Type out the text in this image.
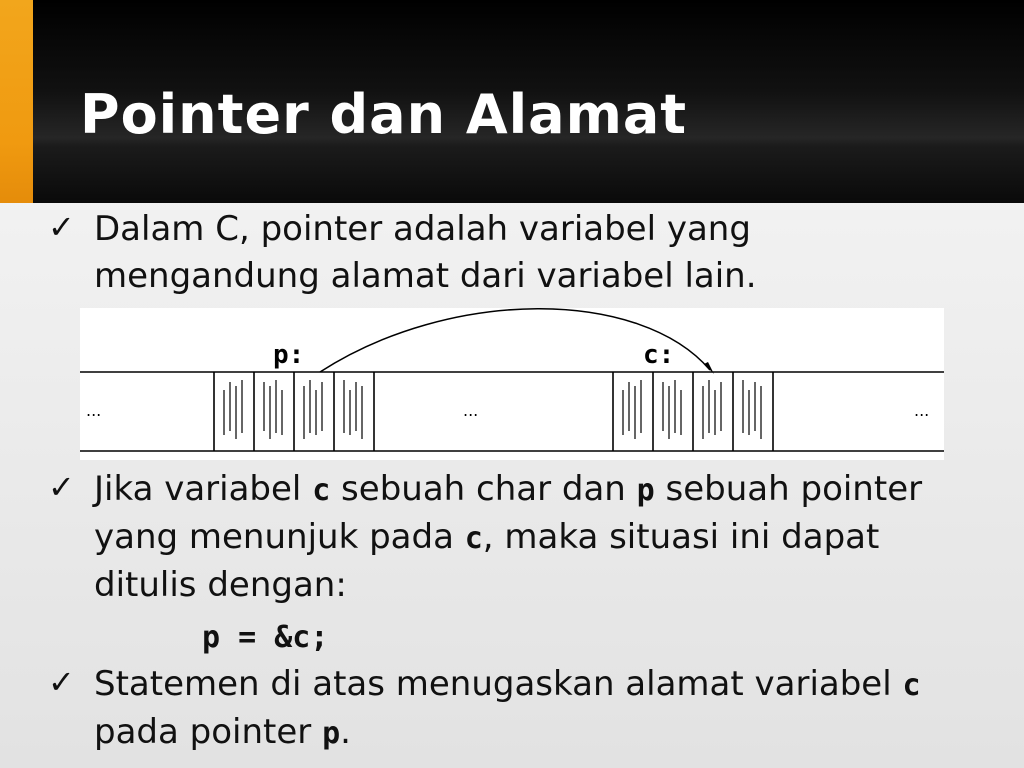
Pointer dan Alamat
✓ Dalam C, pointer adalah variabel yang mengandung alamat dari variabel lain.
p:	c:
...	...	...
✓ Jika variabel c sebuah char dan p sebuah pointer yang menunjuk pada c, maka situasi ini dapat ditulis dengan:
p = &c;
✓ Statemen di atas menugaskan alamat variabel c pada pointer p.
